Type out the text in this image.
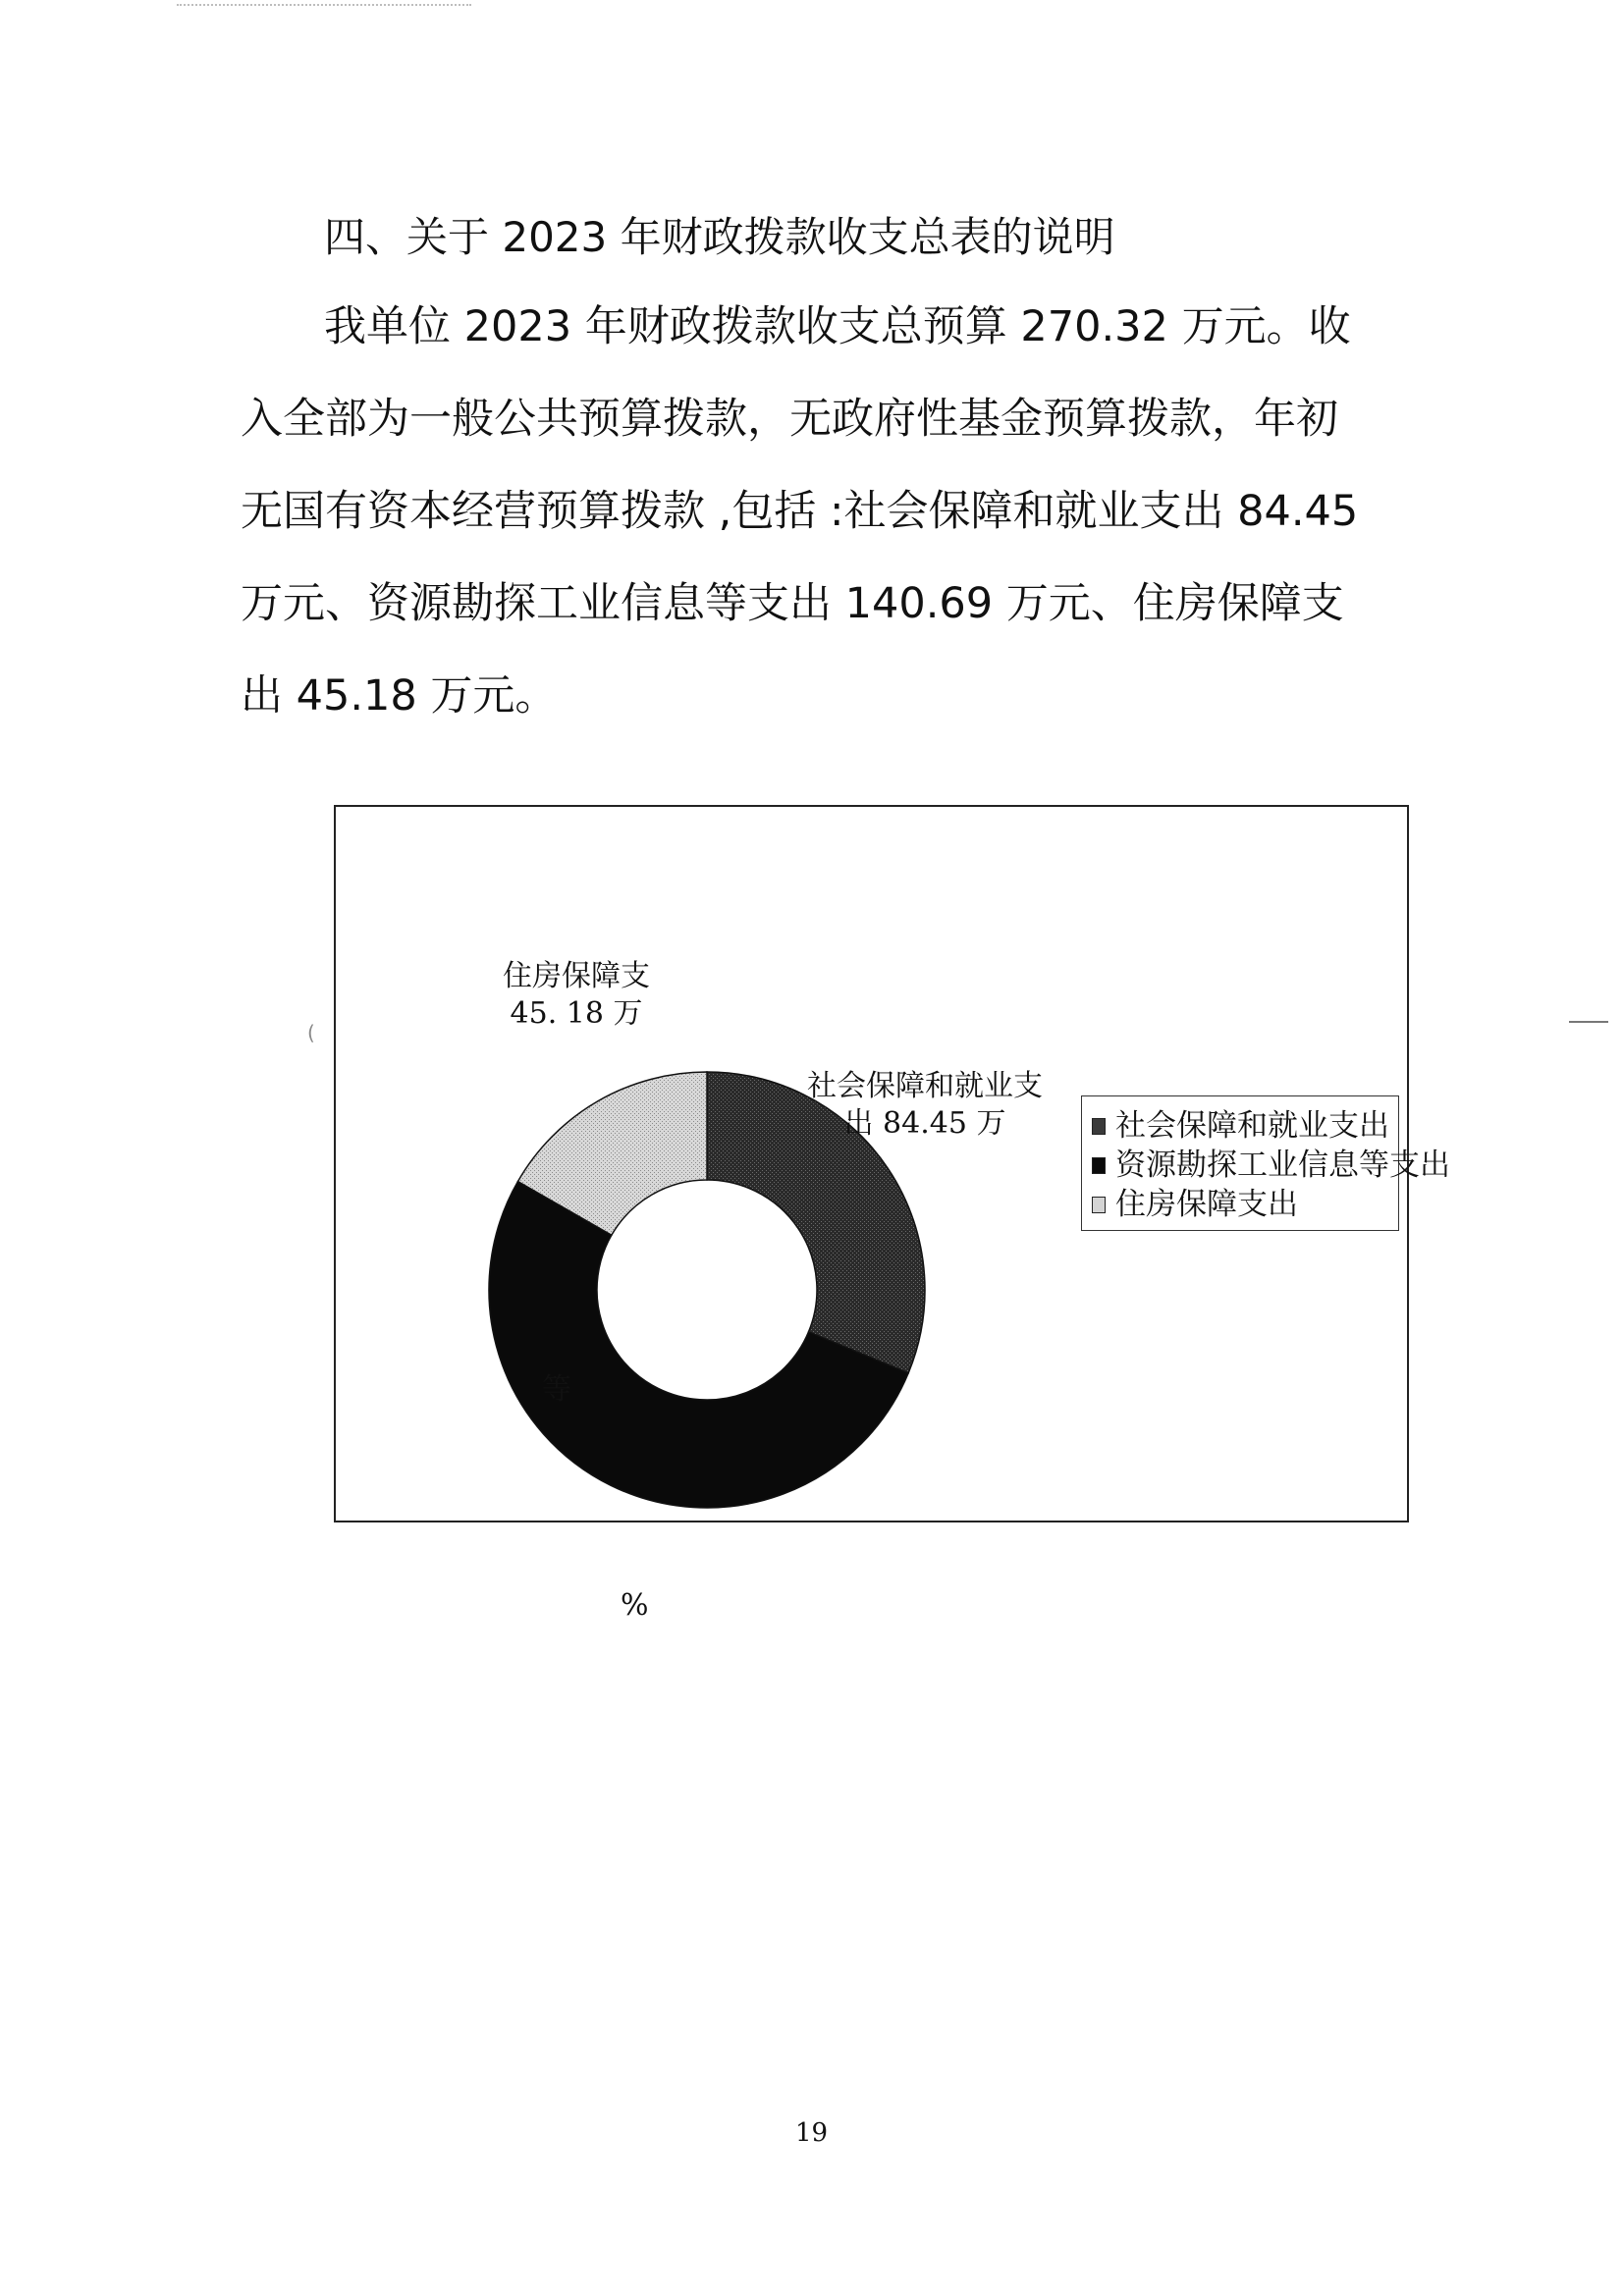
(
四、关于 2023 年财政拨款收支总表的说明
我单位 2023 年财政拨款收支总预算 270.32 万元。收
入全部为一般公共预算拨款，无政府性基金预算拨款，年初
无国有资本经营预算拨款 ,包括 :社会保障和就业支出 84.45
万元、资源勘探工业信息等支出 140.69 万元、住房保障支
出 45.18 万元。
住房保障支
45. 18 万
社会保障和就业支
出 84.45 万
等
社会保障和就业支出
资源勘探工业信息等支出
住房保障支出
%
19
